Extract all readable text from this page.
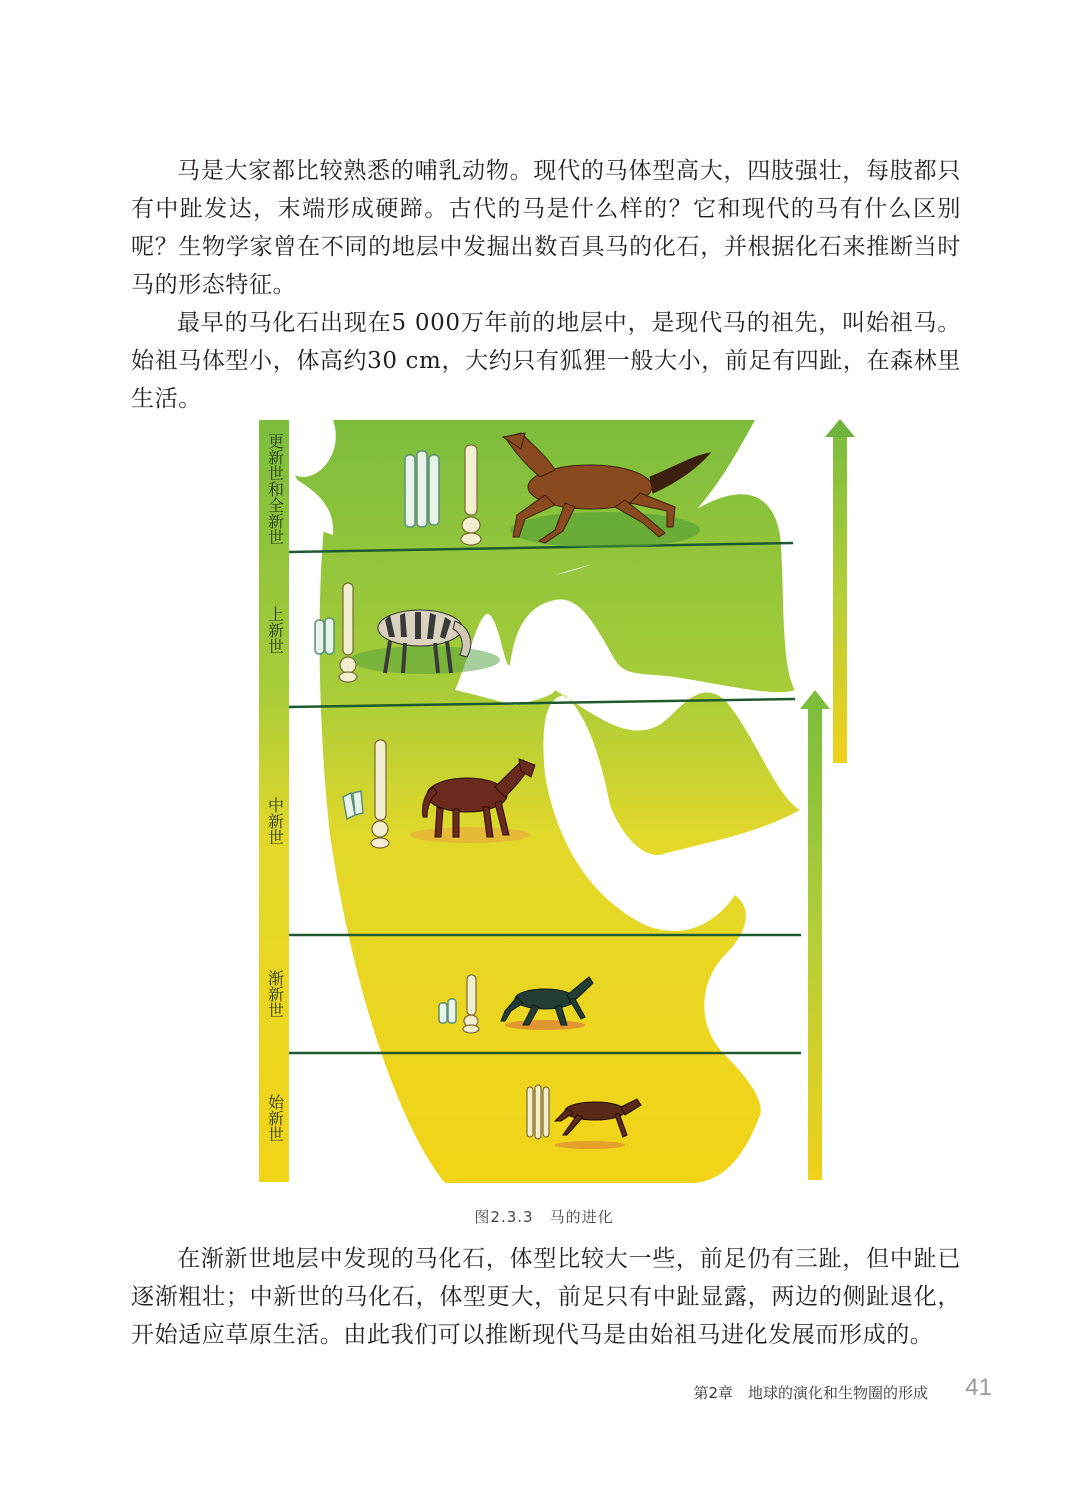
马是大家都比较熟悉的哺乳动物。现代的马体型高大，四肢强壮，每肢都只有中趾发达，末端形成硬蹄。古代的马是什么样的？它和现代的马有什么区别呢？生物学家曾在不同的地层中发掘出数百具马的化石，并根据化石来推断当时马的形态特征。

最早的马化石出现在5 000万年前的地层中，是现代马的祖先，叫始祖马。始祖马体型小，体高约30 cm，大约只有狐狸一般大小，前足有四趾，在森林里生活。

更新世和全新世
上新世
中新世
渐新世
始新世
图2.3.3　马的进化

在渐新世地层中发现的马化石，体型比较大一些，前足仍有三趾，但中趾已逐渐粗壮；中新世的马化石，体型更大，前足只有中趾显露，两边的侧趾退化，开始适应草原生活。由此我们可以推断现代马是由始祖马进化发展而形成的。

第2章　地球的演化和生物圈的形成 41
